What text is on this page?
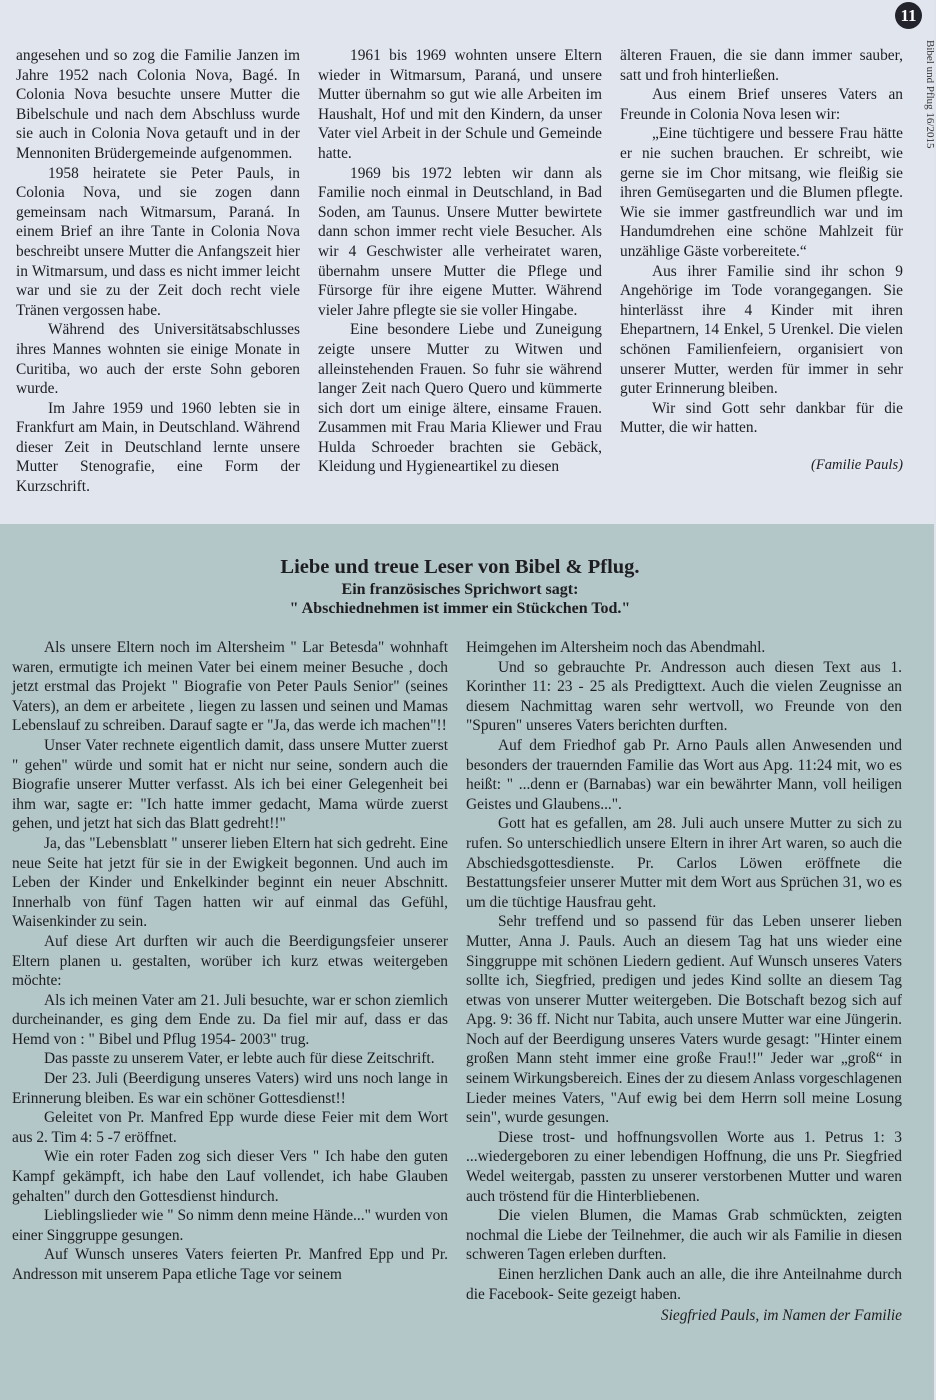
11
Bibel und Pflug 16/2015

angesehen und so zog die Familie Janzen im Jahre 1952 nach Colonia Nova, Bagé. In Colonia Nova besuchte unsere Mutter die Bibelschule und nach dem Abschluss wurde sie auch in Colonia Nova getauft und in der Mennoniten Brüdergemeinde aufgenommen.

1958 heiratete sie Peter Pauls, in Colonia Nova, und sie zogen dann gemeinsam nach Witmarsum, Paraná. In einem Brief an ihre Tante in Colonia Nova beschreibt unsere Mutter die Anfangszeit hier in Witmarsum, und dass es nicht immer leicht war und sie zu der Zeit doch recht viele Tränen vergossen habe.

Während des Universitätsabschlusses ihres Mannes wohnten sie einige Monate in Curitiba, wo auch der erste Sohn geboren wurde.

Im Jahre 1959 und 1960 lebten sie in Frankfurt am Main, in Deutschland. Während dieser Zeit in Deutschland lernte unsere Mutter Stenografie, eine Form der Kurzschrift.

1961 bis 1969 wohnten unsere Eltern wieder in Witmarsum, Paraná, und unsere Mutter übernahm so gut wie alle Arbeiten im Haushalt, Hof und mit den Kindern, da unser Vater viel Arbeit in der Schule und Gemeinde hatte.

1969 bis 1972 lebten wir dann als Familie noch einmal in Deutschland, in Bad Soden, am Taunus. Unsere Mutter bewirtete dann schon immer recht viele Besucher. Als wir 4 Geschwister alle verheiratet waren, übernahm unsere Mutter die Pflege und Fürsorge für ihre eigene Mutter. Während vieler Jahre pflegte sie sie voller Hingabe.

Eine besondere Liebe und Zuneigung zeigte unsere Mutter zu Witwen und alleinstehenden Frauen. So fuhr sie während langer Zeit nach Quero Quero und kümmerte sich dort um einige ältere, einsame Frauen. Zusammen mit Frau Maria Kliewer und Frau Hulda Schroeder brachten sie Gebäck, Kleidung und Hygieneartikel zu diesen

älteren Frauen, die sie dann immer sauber, satt und froh hinterließen.

Aus einem Brief unseres Vaters an Freunde in Colonia Nova lesen wir:

„Eine tüchtigere und bessere Frau hätte er nie suchen brauchen. Er schreibt, wie gerne sie im Chor mitsang, wie fleißig sie ihren Gemüsegarten und die Blumen pflegte. Wie sie immer gastfreundlich war und im Handumdrehen eine schöne Mahlzeit für unzählige Gäste vorbereitete.“

Aus ihrer Familie sind ihr schon 9 Angehörige im Tode vorangegangen. Sie hinterlässt ihre 4 Kinder mit ihren Ehepartnern, 14 Enkel, 5 Urenkel. Die vielen schönen Familienfeiern, organisiert von unserer Mutter, werden für immer in sehr guter Erinnerung bleiben.

Wir sind Gott sehr dankbar für die Mutter, die wir hatten.

(Familie Pauls)

Liebe und treue Leser von Bibel & Pflug.
Ein französisches Sprichwort sagt:
" Abschiednehmen ist immer ein Stückchen Tod."

Als unsere Eltern noch im Altersheim " Lar Betesda" wohnhaft waren, ermutigte ich meinen Vater bei einem meiner Besuche , doch jetzt erstmal das Projekt " Biografie von Peter Pauls Senior" (seines Vaters), an dem er arbeitete , liegen zu lassen und seinen und Mamas Lebenslauf zu schreiben. Darauf sagte er "Ja, das werde ich machen"!!

Unser Vater rechnete eigentlich damit, dass unsere Mutter zuerst " gehen" würde und somit hat er nicht nur seine, sondern auch die Biografie unserer Mutter verfasst. Als ich bei einer Gelegenheit bei ihm war, sagte er: "Ich hatte immer gedacht, Mama würde zuerst gehen, und jetzt hat sich das Blatt gedreht!!"

Ja, das "Lebensblatt " unserer lieben Eltern hat sich gedreht. Eine neue Seite hat jetzt für sie in der Ewigkeit begonnen. Und auch im Leben der Kinder und Enkelkinder beginnt ein neuer Abschnitt. Innerhalb von fünf Tagen hatten wir auf einmal das Gefühl, Waisenkinder zu sein.

Auf diese Art durften wir auch die Beerdigungsfeier unserer Eltern planen u. gestalten, worüber ich kurz etwas weitergeben möchte:

Als ich meinen Vater am 21. Juli besuchte, war er schon ziemlich durcheinander, es ging dem Ende zu. Da fiel mir auf, dass er das Hemd von : " Bibel und Pflug 1954- 2003" trug.

Das passte zu unserem Vater, er lebte auch für diese Zeitschrift.

Der 23. Juli (Beerdigung unseres Vaters) wird uns noch lange in Erinnerung bleiben. Es war ein schöner Gottesdienst!!

Geleitet von Pr. Manfred Epp wurde diese Feier mit dem Wort aus 2. Tim 4: 5 -7 eröffnet.

Wie ein roter Faden zog sich dieser Vers " Ich habe den guten Kampf gekämpft, ich habe den Lauf vollendet, ich habe Glauben gehalten" durch den Gottesdienst hindurch.

Lieblingslieder wie " So nimm denn meine Hände..." wurden von einer Singgruppe gesungen.

Auf Wunsch unseres Vaters feierten Pr. Manfred Epp und Pr. Andresson mit unserem Papa etliche Tage vor seinem

Heimgehen im Altersheim noch das Abendmahl.

Und so gebrauchte Pr. Andresson auch diesen Text aus 1. Korinther 11: 23 - 25 als Predigttext. Auch die vielen Zeugnisse an diesem Nachmittag waren sehr wertvoll, wo Freunde von den "Spuren" unseres Vaters berichten durften.

Auf dem Friedhof gab Pr. Arno Pauls allen Anwesenden und besonders der trauernden Familie das Wort aus Apg. 11:24 mit, wo es heißt: " ...denn er (Barnabas) war ein bewährter Mann, voll heiligen Geistes und Glaubens...".

Gott hat es gefallen, am 28. Juli auch unsere Mutter zu sich zu rufen. So unterschiedlich unsere Eltern in ihrer Art waren, so auch die Abschiedsgottesdienste. Pr. Carlos Löwen eröffnete die Bestattungsfeier unserer Mutter mit dem Wort aus Sprüchen 31, wo es um die tüchtige Hausfrau geht.

Sehr treffend und so passend für das Leben unserer lieben Mutter, Anna J. Pauls. Auch an diesem Tag hat uns wieder eine Singgruppe mit schönen Liedern gedient. Auf Wunsch unseres Vaters sollte ich, Siegfried, predigen und jedes Kind sollte an diesem Tag etwas von unserer Mutter weitergeben. Die Botschaft bezog sich auf Apg. 9: 36 ff. Nicht nur Tabita, auch unsere Mutter war eine Jüngerin. Noch auf der Beerdigung unseres Vaters wurde gesagt: "Hinter einem großen Mann steht immer eine große Frau!!" Jeder war „groß“ in seinem Wirkungsbereich. Eines der zu diesem Anlass vorgeschlagenen Lieder meines Vaters, "Auf ewig bei dem Herrn soll meine Losung sein", wurde gesungen.

Diese trost- und hoffnungsvollen Worte aus 1. Petrus 1: 3 ...wiedergeboren zu einer lebendigen Hoffnung, die uns Pr. Siegfried Wedel weitergab, passten zu unserer verstorbenen Mutter und waren auch tröstend für die Hinterbliebenen.

Die vielen Blumen, die Mamas Grab schmückten, zeigten nochmal die Liebe der Teilnehmer, die auch wir als Familie in diesen schweren Tagen erleben durften.

Einen herzlichen Dank auch an alle, die ihre Anteilnahme durch die Facebook- Seite gezeigt haben.

Siegfried Pauls, im Namen der Familie
